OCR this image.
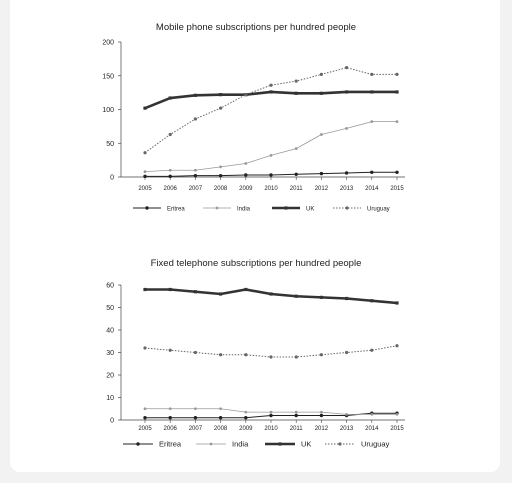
Mobile phone subscriptions per hundred people
0
50
100
150
200
2005 2006 2007 2008 2009 2010 2011 2012 2013 2014 2015
Eritrea	India	UK	Uruguay
Fixed telephone subscriptions per hundred people
0
10
20
30
40
50
60
2005 2006 2007 2008 2009 2010 2011 2012 2013 2014 2015
Eritrea	India	UK	Uruguay
